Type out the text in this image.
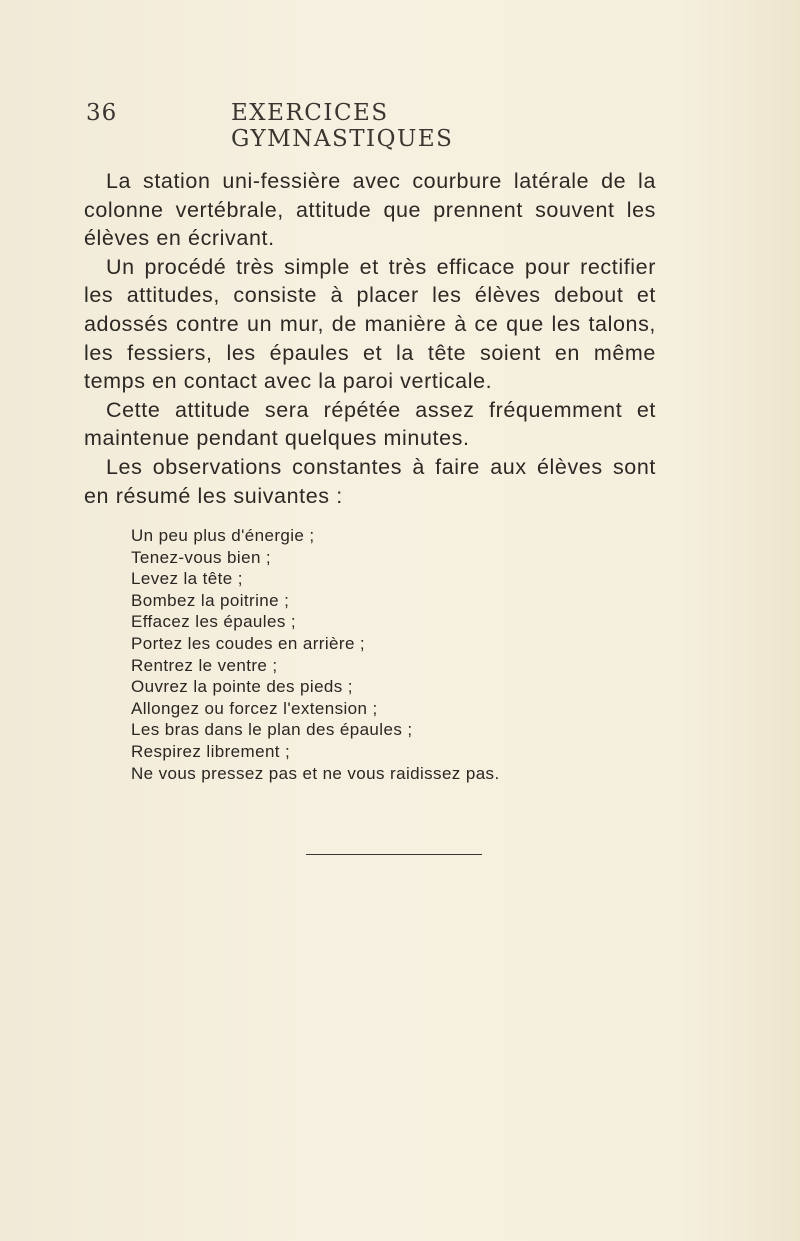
36	EXERCICES GYMNASTIQUES

La station uni-fessière avec courbure latérale de la colonne vertébrale, attitude que prennent souvent les élèves en écrivant.

Un procédé très simple et très efficace pour rectifier les attitudes, consiste à placer les élèves debout et adossés contre un mur, de manière à ce que les talons, les fessiers, les épaules et la tête soient en même temps en contact avec la paroi verticale.

Cette attitude sera répétée assez fréquemment et maintenue pendant quelques minutes.

Les observations constantes à faire aux élèves sont en résumé les suivantes :

Un peu plus d'énergie ;
Tenez-vous bien ;
Levez la tête ;
Bombez la poitrine ;
Effacez les épaules ;
Portez les coudes en arrière ;
Rentrez le ventre ;
Ouvrez la pointe des pieds ;
Allongez ou forcez l'extension ;
Les bras dans le plan des épaules ;
Respirez librement ;
Ne vous pressez pas et ne vous raidissez pas.
